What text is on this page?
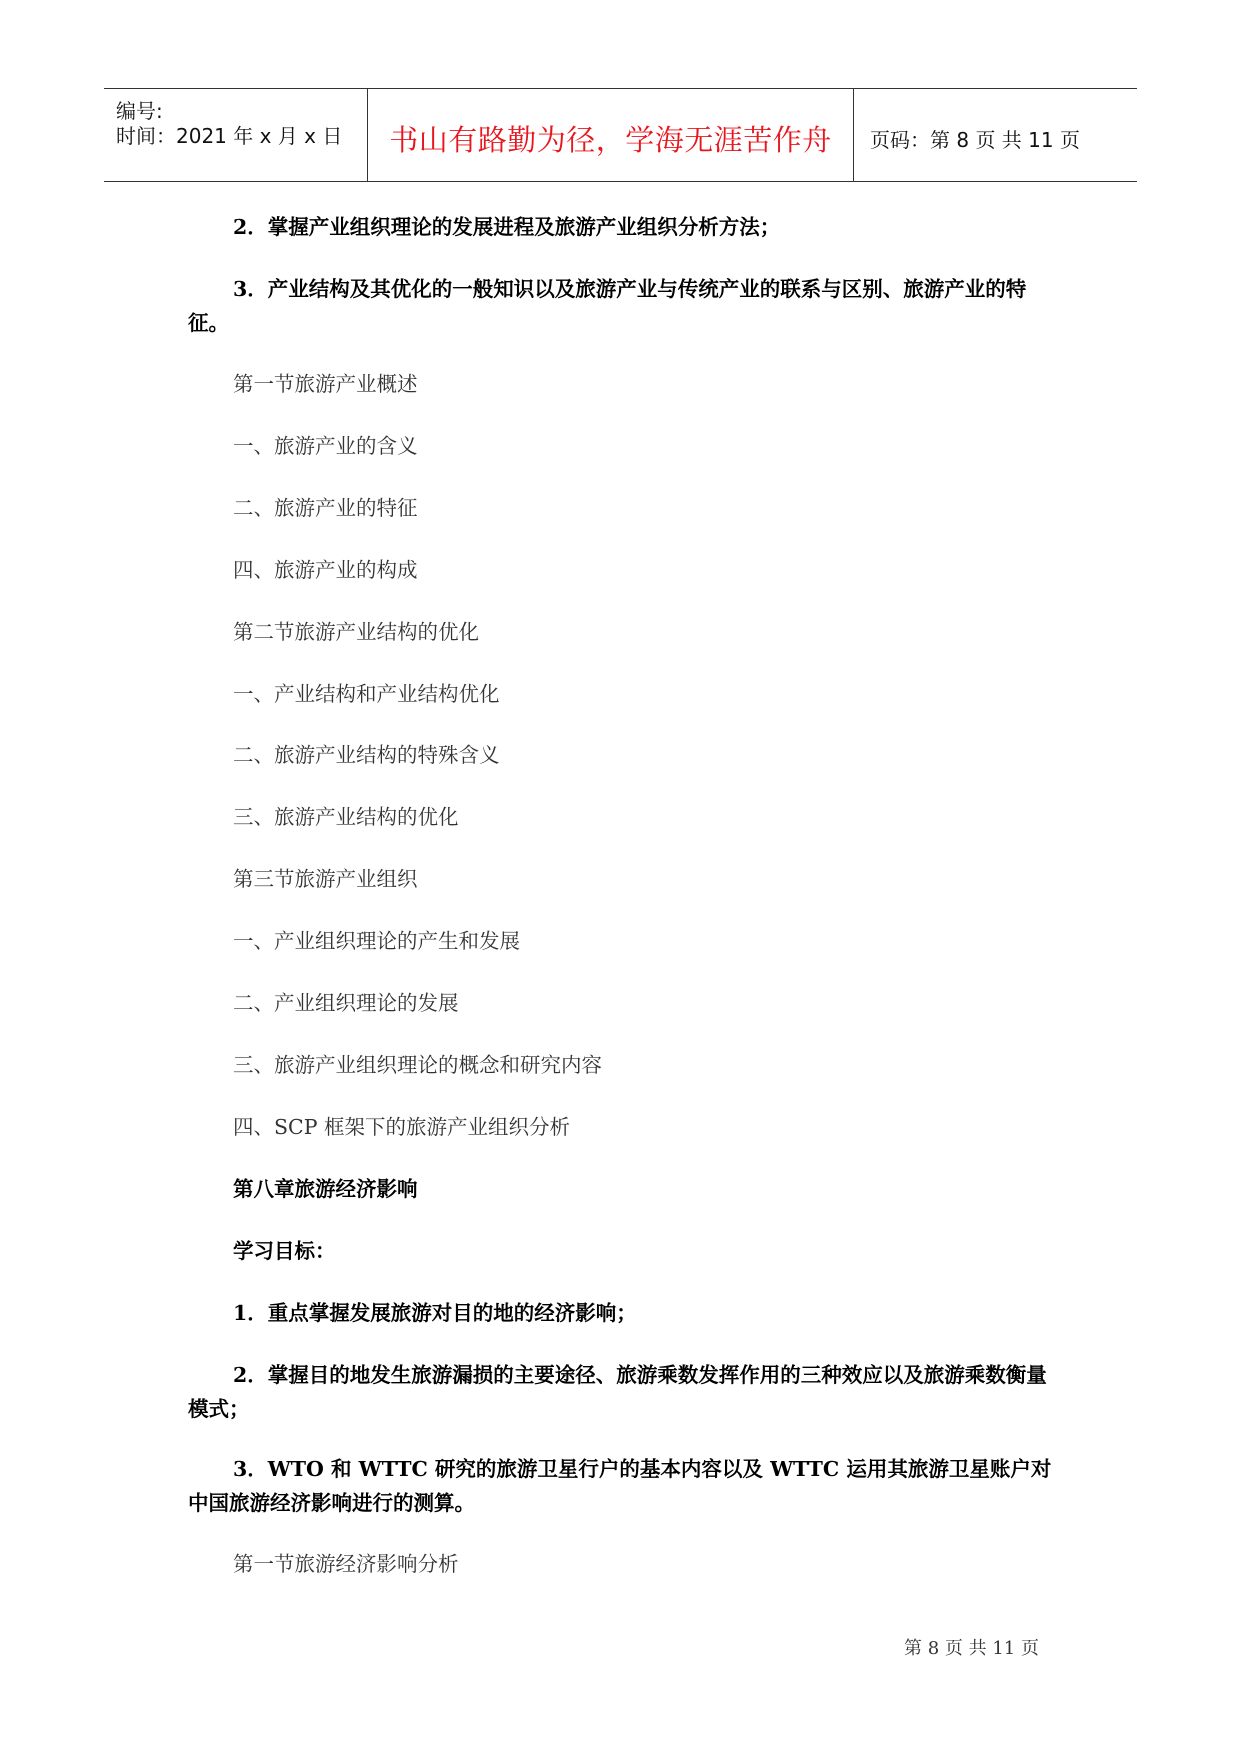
编号:
时间：2021 年 x 月 x 日	书山有路勤为径，学海无涯苦作舟	页码：第 8 页 共 11 页
2．掌握产业组织理论的发展进程及旅游产业组织分析方法；
3．产业结构及其优化的一般知识以及旅游产业与传统产业的联系与区别、旅游产业的特征。
第一节旅游产业概述
一、旅游产业的含义
二、旅游产业的特征
四、旅游产业的构成
第二节旅游产业结构的优化
一、产业结构和产业结构优化
二、旅游产业结构的特殊含义
三、旅游产业结构的优化
第三节旅游产业组织
一、产业组织理论的产生和发展
二、产业组织理论的发展
三、旅游产业组织理论的概念和研究内容
四、SCP 框架下的旅游产业组织分析
第八章旅游经济影响
学习目标：
1．重点掌握发展旅游对目的地的经济影响；
2．掌握目的地发生旅游漏损的主要途径、旅游乘数发挥作用的三种效应以及旅游乘数衡量模式；
3．WTO 和 WTTC 研究的旅游卫星行户的基本内容以及 WTTC 运用其旅游卫星账户对中国旅游经济影响进行的测算。
第一节旅游经济影响分析
第 8 页 共 11 页
